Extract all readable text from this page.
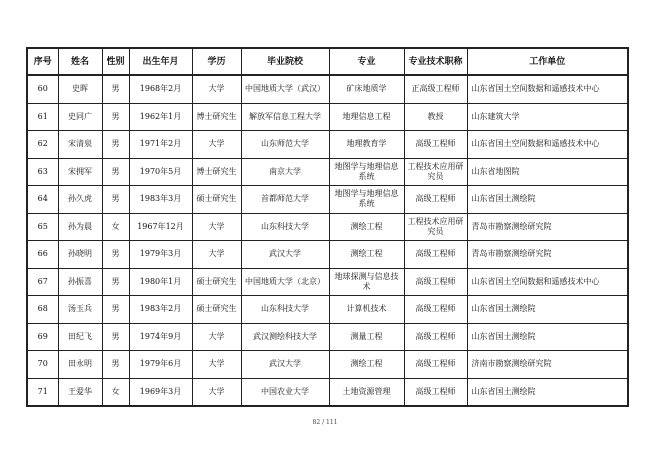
序号	姓名	性别	出生年月	学历	毕业院校	专业	专业技术职称	工作单位
60	史晖	男	1968年2月	大学	中国地质大学（武汉）	矿床地质学	正高级工程师	山东省国土空间数据和遥感技术中心
61	史同广	男	1962年1月	博士研究生	解放军信息工程大学	地理信息工程	教授	山东建筑大学
62	宋清泉	男	1971年2月	大学	山东师范大学	地理教育学	高级工程师	山东省国土空间数据和遥感技术中心
63	宋拥军	男	1970年5月	博士研究生	南京大学	地图学与地理信息系统	工程技术应用研究员	山东省地图院
64	孙久虎	男	1983年3月	硕士研究生	首都师范大学	地图学与地理信息系统	高级工程师	山东省国土测绘院
65	孙为晨	女	1967年12月	大学	山东科技大学	测绘工程	工程技术应用研究员	青岛市勘察测绘研究院
66	孙晓明	男	1979年3月	大学	武汉大学	测绘工程	高级工程师	青岛市勘察测绘研究院
67	孙振喜	男	1980年1月	硕士研究生	中国地质大学（北京）	地球探测与信息技术	高级工程师	山东省国土空间数据和遥感技术中心
68	汤玉兵	男	1983年2月	硕士研究生	山东科技大学	计算机技术	高级工程师	山东省国土测绘院
69	田纪飞	男	1974年9月	大学	武汉测绘科技大学	测量工程	高级工程师	山东省国土测绘院
70	田永明	男	1979年6月	大学	武汉大学	测绘工程	高级工程师	济南市勘察测绘研究院
71	王爱华	女	1969年3月	大学	中国农业大学	土地资源管理	高级工程师	山东省国土测绘院
82 / 111
